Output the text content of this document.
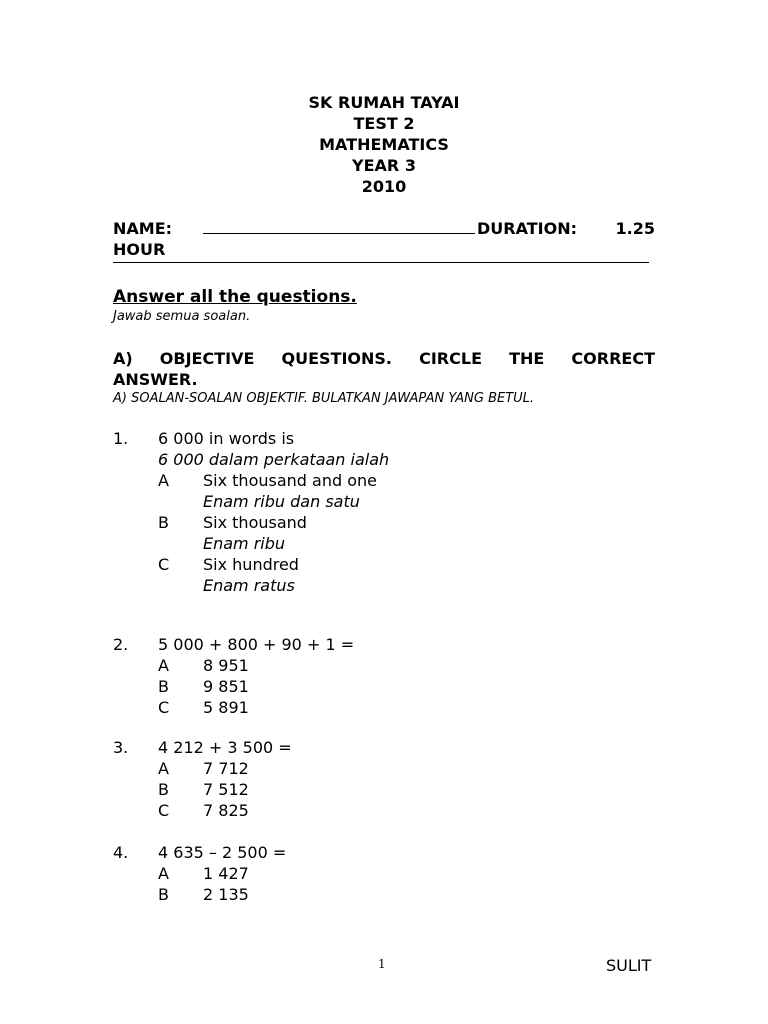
SK RUMAH TAYAI

TEST 2

MATHEMATICS

YEAR 3

2010

NAME:	DURATION: 1.25
HOUR
Answer all the questions.
Jawab semua soalan.
A) OBJECTIVE QUESTIONS. CIRCLE THE CORRECT
ANSWER.
A) SOALAN-SOALAN OBJEKTIF. BULATKAN JAWAPAN YANG BETUL.
1.	6 000 in words is
6 000 dalam perkataan ialah
A	Six thousand and one
Enam ribu dan satu
B	Six thousand
Enam ribu
C	Six hundred
Enam ratus
2.	5 000 + 800 + 90 + 1 =
A	8 951
B	9 851
C	5 891
3.	4 212 + 3 500 =
A	7 712
B	7 512
C	7 825
4.	4 635 – 2 500 =
A	1 427
B	2 135
1	SULIT
